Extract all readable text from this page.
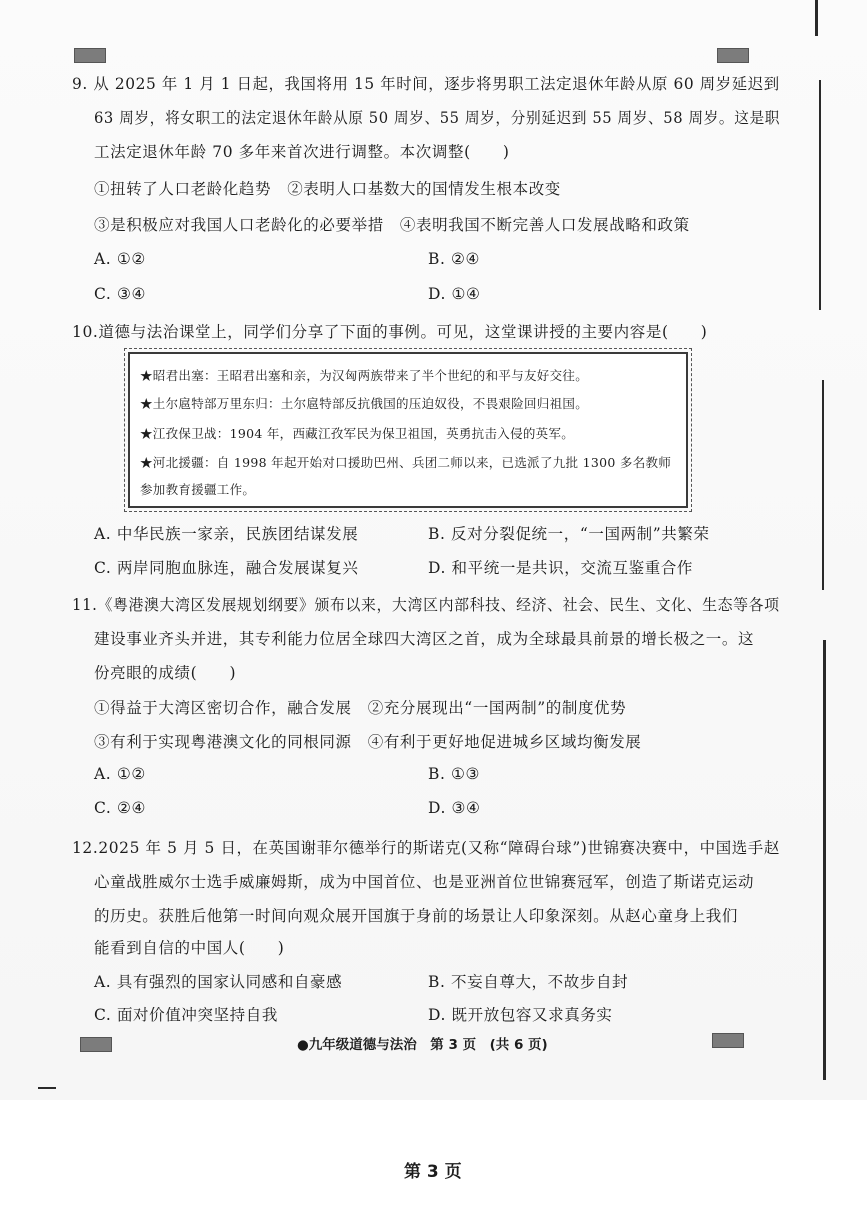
9. 从 2025 年 1 月 1 日起，我国将用 15 年时间，逐步将男职工法定退休年龄从原 60 周岁延迟到
63 周岁，将女职工的法定退休年龄从原 50 周岁、55 周岁，分别延迟到 55 周岁、58 周岁。这是职
工法定退休年龄 70 多年来首次进行调整。本次调整(　　)
①扭转了人口老龄化趋势　②表明人口基数大的国情发生根本改变
③是积极应对我国人口老龄化的必要举措　④表明我国不断完善人口发展战略和政策
A. ①②	B. ②④
C. ③④	D. ①④
10.道德与法治课堂上，同学们分享了下面的事例。可见，这堂课讲授的主要内容是(　　)
★昭君出塞：王昭君出塞和亲，为汉匈两族带来了半个世纪的和平与友好交往。
★土尔扈特部万里东归：土尔扈特部反抗俄国的压迫奴役，不畏艰险回归祖国。
★江孜保卫战：1904 年，西藏江孜军民为保卫祖国，英勇抗击入侵的英军。
★河北援疆：自 1998 年起开始对口援助巴州、兵团二师以来，已选派了九批 1300 多名教师
参加教育援疆工作。
A. 中华民族一家亲，民族团结谋发展	B. 反对分裂促统一，“一国两制”共繁荣
C. 两岸同胞血脉连，融合发展谋复兴	D. 和平统一是共识，交流互鉴重合作
11.《粤港澳大湾区发展规划纲要》颁布以来，大湾区内部科技、经济、社会、民生、文化、生态等各项
建设事业齐头并进，其专利能力位居全球四大湾区之首，成为全球最具前景的增长极之一。这
份亮眼的成绩(　　)
①得益于大湾区密切合作，融合发展　②充分展现出“一国两制”的制度优势
③有利于实现粤港澳文化的同根同源　④有利于更好地促进城乡区域均衡发展
A. ①②	B. ①③
C. ②④	D. ③④
12.2025 年 5 月 5 日，在英国谢菲尔德举行的斯诺克(又称“障碍台球”)世锦赛决赛中，中国选手赵
心童战胜威尔士选手威廉姆斯，成为中国首位、也是亚洲首位世锦赛冠军，创造了斯诺克运动
的历史。获胜后他第一时间向观众展开国旗于身前的场景让人印象深刻。从赵心童身上我们
能看到自信的中国人(　　)
A. 具有强烈的国家认同感和自豪感	B. 不妄自尊大，不故步自封
C. 面对价值冲突坚持自我	D. 既开放包容又求真务实
●九年级道德与法治　第 3 页　(共 6 页)
第 3 页
